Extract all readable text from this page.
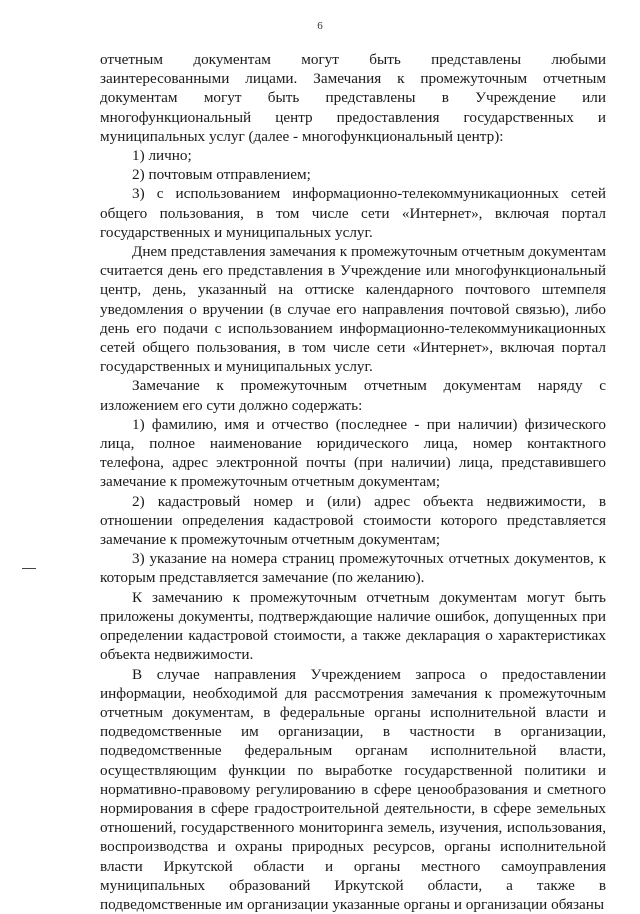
6

отчетным документам могут быть представлены любыми заинтересованными лицами. Замечания к промежуточным отчетным документам могут быть представлены в Учреждение или многофункциональный центр предоставления государственных и муниципальных услуг (далее - многофункциональный центр):

1) лично;

2) почтовым отправлением;

3) с использованием информационно-телекоммуникационных сетей общего пользования, в том числе сети «Интернет», включая портал государственных и муниципальных услуг.

Днем представления замечания к промежуточным отчетным документам считается день его представления в Учреждение или многофункциональный центр, день, указанный на оттиске календарного почтового штемпеля уведомления о вручении (в случае его направления почтовой связью), либо день его подачи с использованием информационно-телекоммуникационных сетей общего пользования, в том числе сети «Интернет», включая портал государственных и муниципальных услуг.

Замечание к промежуточным отчетным документам наряду с изложением его сути должно содержать:

1) фамилию, имя и отчество (последнее - при наличии) физического лица, полное наименование юридического лица, номер контактного телефона, адрес электронной почты (при наличии) лица, представившего замечание к промежуточным отчетным документам;

2) кадастровый номер и (или) адрес объекта недвижимости, в отношении определения кадастровой стоимости которого представляется замечание к промежуточным отчетным документам;

3) указание на номера страниц промежуточных отчетных документов, к которым представляется замечание (по желанию).

К замечанию к промежуточным отчетным документам могут быть приложены документы, подтверждающие наличие ошибок, допущенных при определении кадастровой стоимости, а также декларация о характеристиках объекта недвижимости.

В случае направления Учреждением запроса о предоставлении информации, необходимой для рассмотрения замечания к промежуточным отчетным документам, в федеральные органы исполнительной власти и подведомственные им организации, в частности в организации, подведомственные федеральным органам исполнительной власти, осуществляющим функции по выработке государственной политики и нормативно-правовому регулированию в сфере ценообразования и сметного нормирования в сфере градостроительной деятельности, в сфере земельных отношений, государственного мониторинга земель, изучения, использования, воспроизводства и охраны природных ресурсов, органы исполнительной власти Иркутской области и органы местного самоуправления муниципальных образований Иркутской области, а также в подведомственные им организации указанные органы и организации обязаны
